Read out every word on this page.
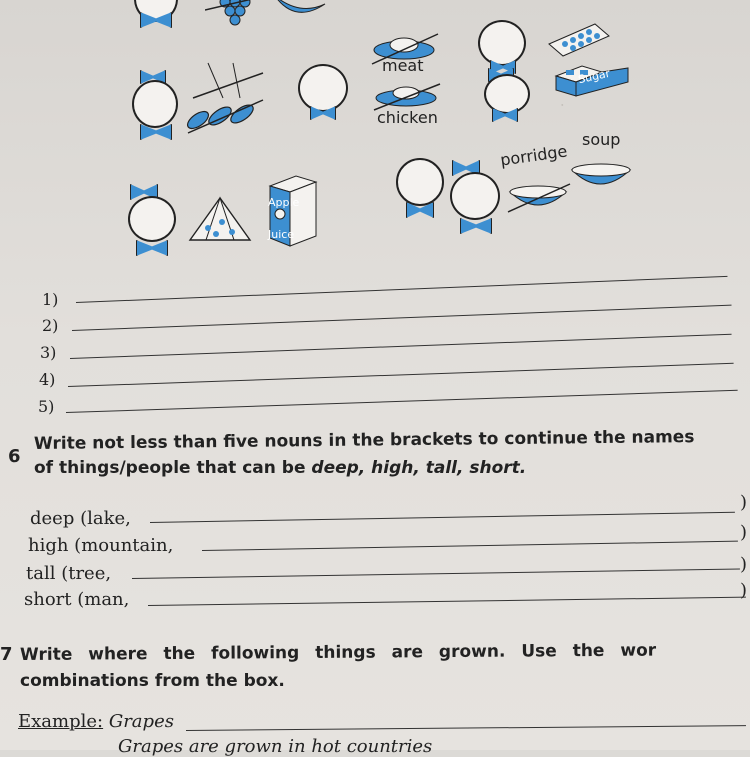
.
meat
chicken
Sugar
Apple
Juice
porridge
soup
1)
2)
3)
4)
5)
6
Write not less than five nouns in the brackets to continue the names
of things/people that can be deep, high, tall, short.
deep (lake,
)
high (mountain,
)
tall (tree,	)
short (man,	)
7 Write where the following things are grown. Use the wor
combinations from the box.
Example: Grapes
Grapes are grown in hot countries
